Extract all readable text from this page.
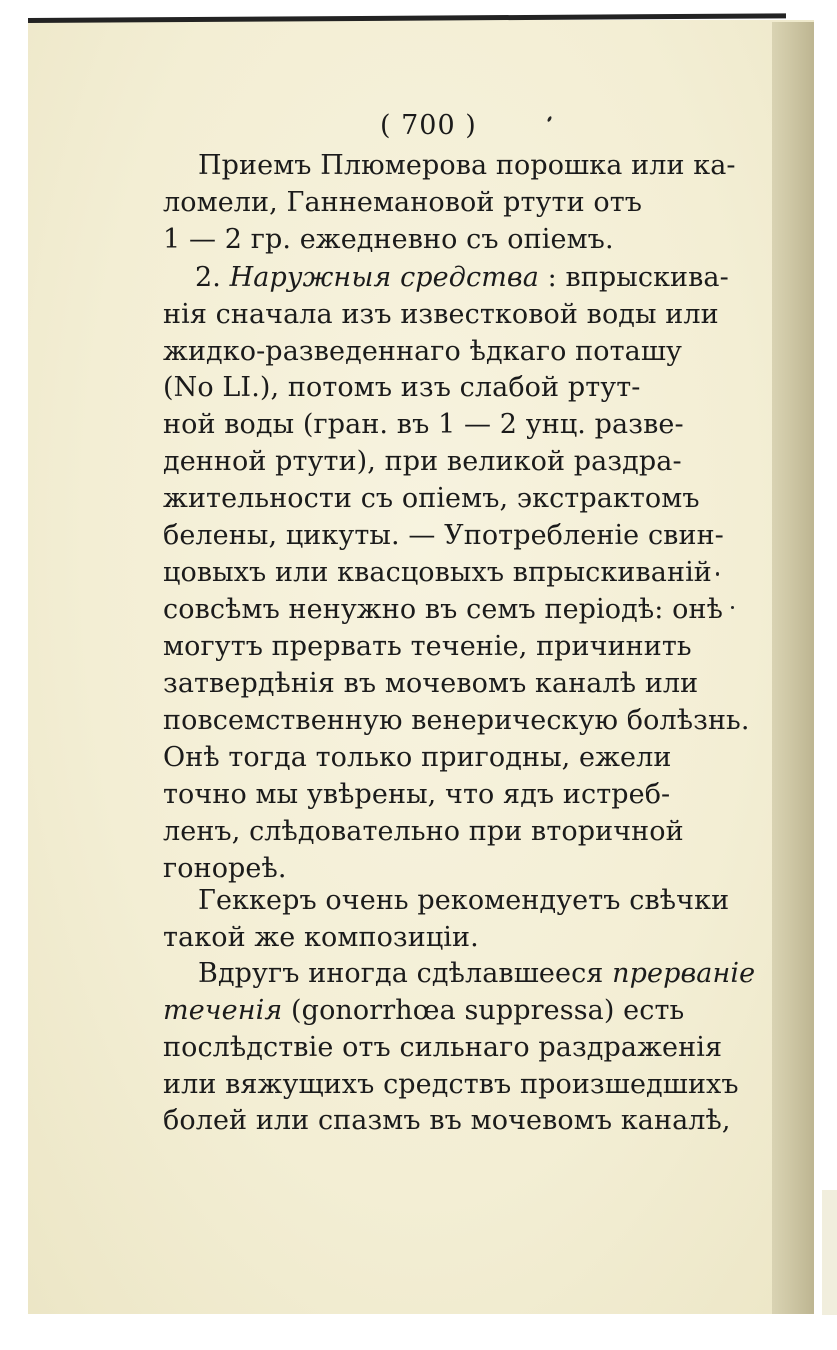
( 700 )
Приемъ Плюмерова порошка или ка-
ломели, Ганнемановой ртути отъ
1 — 2 гр. ежедневно съ опіемъ.
2. Наружныя средства : впрыскива-
нія сначала изъ известковой воды или
жидко-разведеннаго ѣдкаго поташу
(No LI.), потомъ изъ слабой ртут-
ной воды (гран. въ 1 — 2 унц. разве-
денной ртути), при великой раздра-
жительности съ опіемъ, экстрактомъ
белены, цикуты. — Употребленіе свин-
цовыхъ или квасцовыхъ впрыскиваній
совсѣмъ ненужно въ семъ періодѣ: онѣ
могутъ прервать теченіе, причинить
затвердѣнія въ мочевомъ каналѣ или
повсемственную венерическую болѣзнь.
Онѣ тогда только пригодны, ежели
точно мы увѣрены, что ядъ истреб-
ленъ, слѣдовательно при вторичной
гонореѣ.
Геккеръ очень рекомендуетъ свѣчки
такой же композиціи.
Вдругъ иногда сдѣлавшееся прерваніе
теченія (gonorrhœa suppressa) есть
послѣдствіе отъ сильнаго раздраженія
или вяжущихъ средствъ произшедшихъ
болей или спазмъ въ мочевомъ каналѣ,
